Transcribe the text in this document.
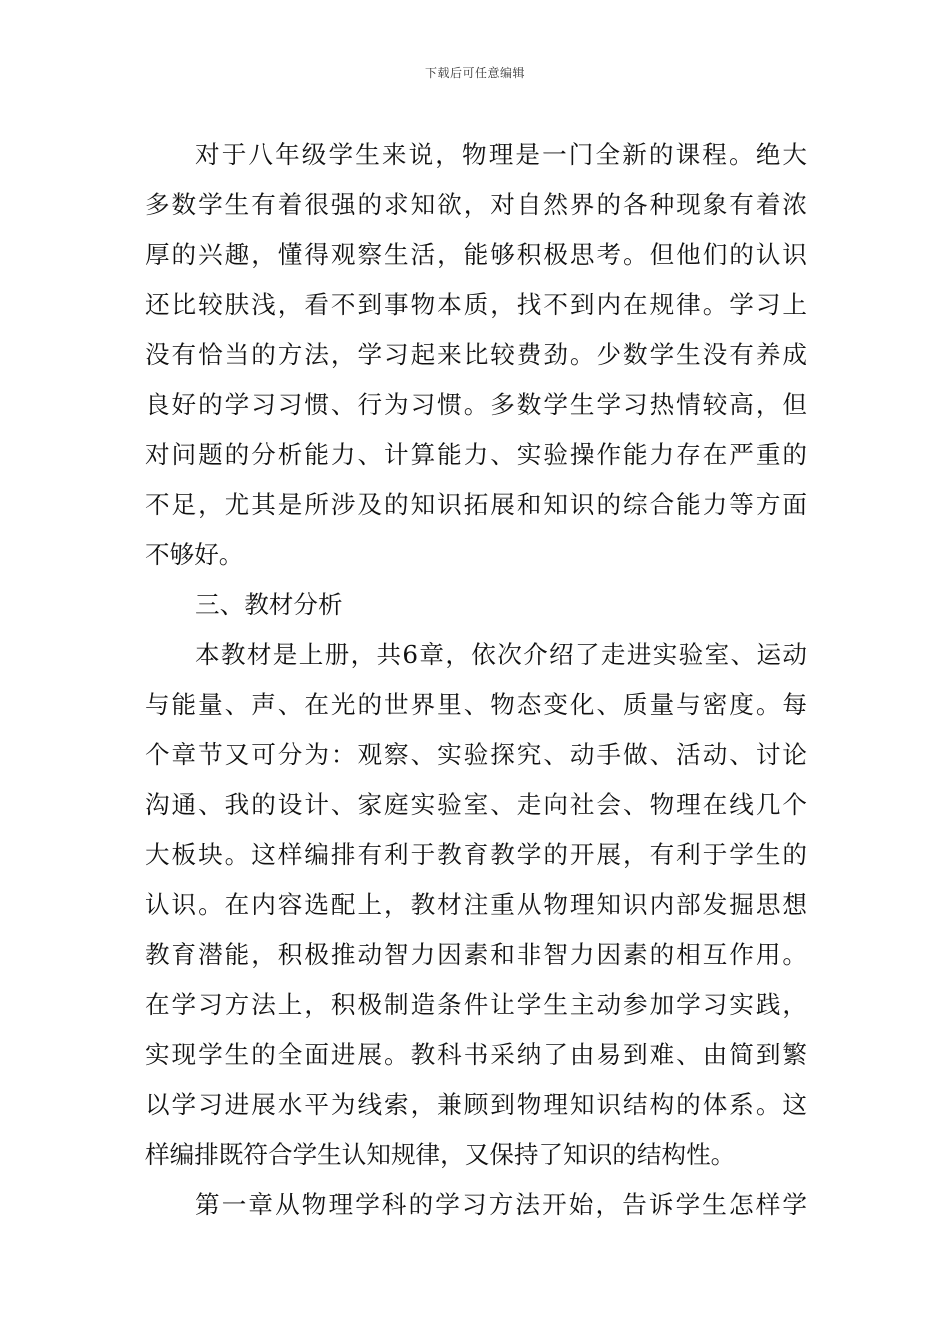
下载后可任意编辑
对于八年级学生来说，物理是一门全新的课程。绝大
多数学生有着很强的求知欲，对自然界的各种现象有着浓
厚的兴趣，懂得观察生活，能够积极思考。但他们的认识
还比较肤浅，看不到事物本质，找不到内在规律。学习上
没有恰当的方法，学习起来比较费劲。少数学生没有养成
良好的学习习惯、行为习惯。多数学生学习热情较高，但
对问题的分析能力、计算能力、实验操作能力存在严重的
不足，尤其是所涉及的知识拓展和知识的综合能力等方面
不够好。
三、教材分析
本教材是上册，共6章，依次介绍了走进实验室、运动
与能量、声、在光的世界里、物态变化、质量与密度。每
个章节又可分为：观察、实验探究、动手做、活动、讨论
沟通、我的设计、家庭实验室、走向社会、物理在线几个
大板块。这样编排有利于教育教学的开展，有利于学生的
认识。在内容选配上，教材注重从物理知识内部发掘思想
教育潜能，积极推动智力因素和非智力因素的相互作用。
在学习方法上，积极制造条件让学生主动参加学习实践，
实现学生的全面进展。教科书采纳了由易到难、由简到繁
以学习进展水平为线索，兼顾到物理知识结构的体系。这
样编排既符合学生认知规律，又保持了知识的结构性。
第一章从物理学科的学习方法开始，告诉学生怎样学
